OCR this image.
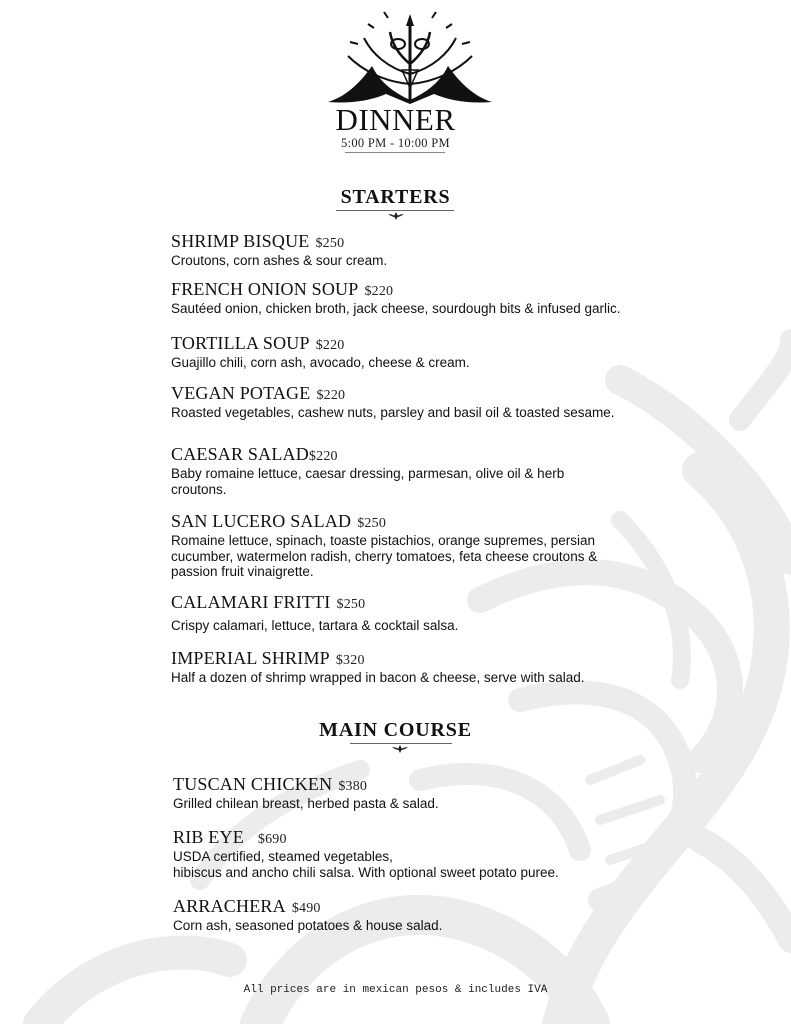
DINNER
5:00 PM - 10:00 PM
STARTERS
SHRIMP BISQUE $250
Croutons, corn ashes & sour cream.
FRENCH ONION SOUP $220
Sautéed onion, chicken broth, jack cheese, sourdough bits & infused garlic.
TORTILLA SOUP $220
Guajillo chili, corn ash, avocado, cheese & cream.
VEGAN POTAGE $220
Roasted vegetables, cashew nuts, parsley and basil oil & toasted sesame.
CAESAR SALAD$220
Baby romaine lettuce, caesar dressing, parmesan, olive oil & herb croutons.
SAN LUCERO SALAD $250
Romaine lettuce, spinach, toaste pistachios, orange supremes, persian cucumber, watermelon radish, cherry tomatoes, feta cheese croutons & passion fruit vinaigrette.
CALAMARI FRITTI $250
Crispy calamari, lettuce, tartara & cocktail salsa.
IMPERIAL SHRIMP $320
Half a dozen of shrimp wrapped in bacon & cheese, serve with salad.
MAIN COURSE
TUSCAN CHICKEN $380
Grilled chilean breast, herbed pasta & salad.
RIB EYE $690
USDA certified, steamed vegetables,
hibiscus and ancho chili salsa. With optional sweet potato puree.
ARRACHERA $490
Corn ash, seasoned potatoes & house salad.
All prices are in mexican pesos & includes IVA
